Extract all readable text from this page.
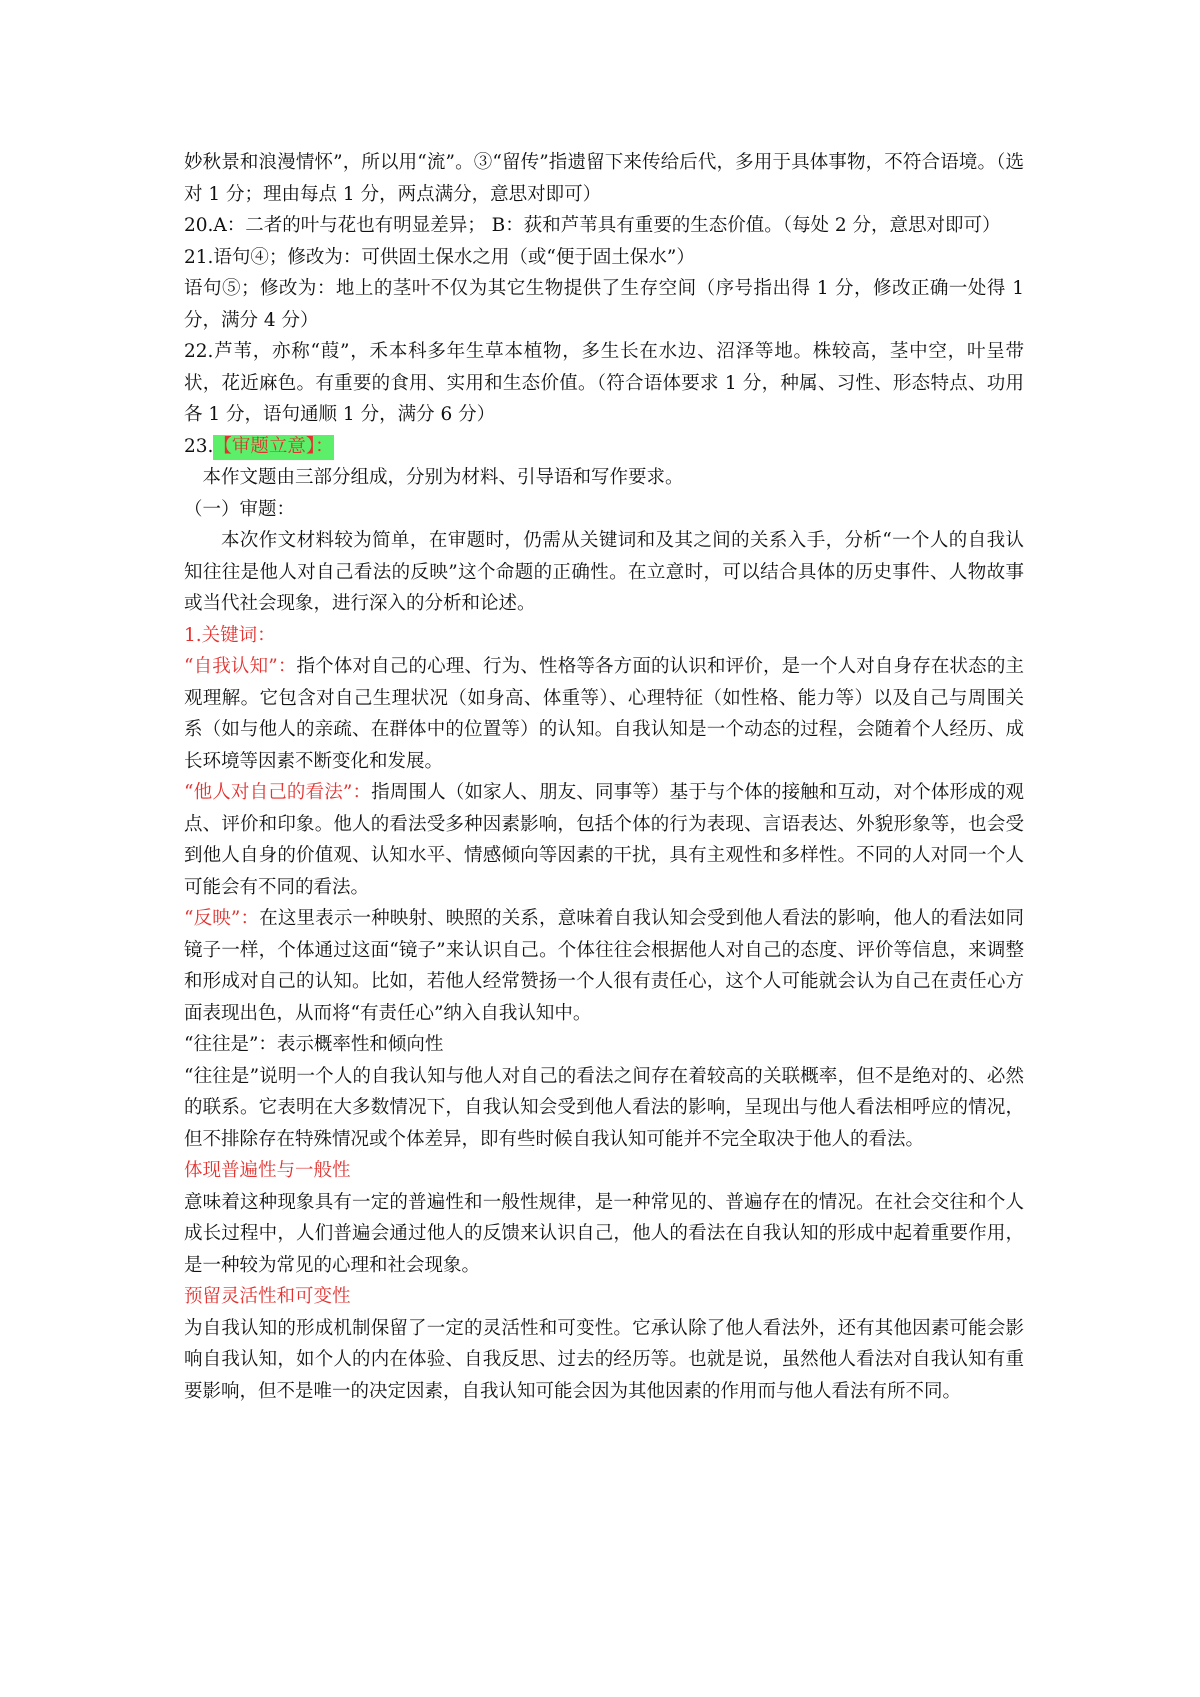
妙秋景和浪漫情怀”，所以用“流”。③“留传”指遗留下来传给后代，多用于具体事物，不符合语境。（选对 1 分；理由每点 1 分，两点满分，意思对即可）

20.A：二者的叶与花也有明显差异； B：荻和芦苇具有重要的生态价值。（每处 2 分，意思对即可）

21.语句④；修改为：可供固土保水之用（或“便于固土保水”）

语句⑤；修改为：地上的茎叶不仅为其它生物提供了生存空间（序号指出得 1 分，修改正确一处得 1 分，满分 4 分）

22.芦苇，亦称“葭”，禾本科多年生草本植物，多生长在水边、沼泽等地。株较高，茎中空，叶呈带状，花近麻色。有重要的食用、实用和生态价值。（符合语体要求 1 分，种属、习性、形态特点、功用各 1 分，语句通顺 1 分，满分 6 分）

23.【审题立意】：

本作文题由三部分组成，分别为材料、引导语和写作要求。

（一）审题：

本次作文材料较为简单，在审题时，仍需从关键词和及其之间的关系入手，分析“一个人的自我认知往往是他人对自己看法的反映”这个命题的正确性。在立意时，可以结合具体的历史事件、人物故事或当代社会现象，进行深入的分析和论述。

1.关键词：

“自我认知”：指个体对自己的心理、行为、性格等各方面的认识和评价，是一个人对自身存在状态的主观理解。它包含对自己生理状况（如身高、体重等）、心理特征（如性格、能力等）以及自己与周围关系（如与他人的亲疏、在群体中的位置等）的认知。自我认知是一个动态的过程，会随着个人经历、成长环境等因素不断变化和发展。

“他人对自己的看法”：指周围人（如家人、朋友、同事等）基于与个体的接触和互动，对个体形成的观点、评价和印象。他人的看法受多种因素影响，包括个体的行为表现、言语表达、外貌形象等，也会受到他人自身的价值观、认知水平、情感倾向等因素的干扰，具有主观性和多样性。不同的人对同一个人可能会有不同的看法。

“反映”：在这里表示一种映射、映照的关系，意味着自我认知会受到他人看法的影响，他人的看法如同镜子一样，个体通过这面“镜子”来认识自己。个体往往会根据他人对自己的态度、评价等信息，来调整和形成对自己的认知。比如，若他人经常赞扬一个人很有责任心，这个人可能就会认为自己在责任心方面表现出色，从而将“有责任心”纳入自我认知中。

“往往是”：表示概率性和倾向性

“往往是”说明一个人的自我认知与他人对自己的看法之间存在着较高的关联概率，但不是绝对的、必然的联系。它表明在大多数情况下，自我认知会受到他人看法的影响，呈现出与他人看法相呼应的情况，但不排除存在特殊情况或个体差异，即有些时候自我认知可能并不完全取决于他人的看法。

体现普遍性与一般性

意味着这种现象具有一定的普遍性和一般性规律，是一种常见的、普遍存在的情况。在社会交往和个人成长过程中，人们普遍会通过他人的反馈来认识自己，他人的看法在自我认知的形成中起着重要作用，是一种较为常见的心理和社会现象。

预留灵活性和可变性

为自我认知的形成机制保留了一定的灵活性和可变性。它承认除了他人看法外，还有其他因素可能会影响自我认知，如个人的内在体验、自我反思、过去的经历等。也就是说，虽然他人看法对自我认知有重要影响，但不是唯一的决定因素，自我认知可能会因为其他因素的作用而与他人看法有所不同。
